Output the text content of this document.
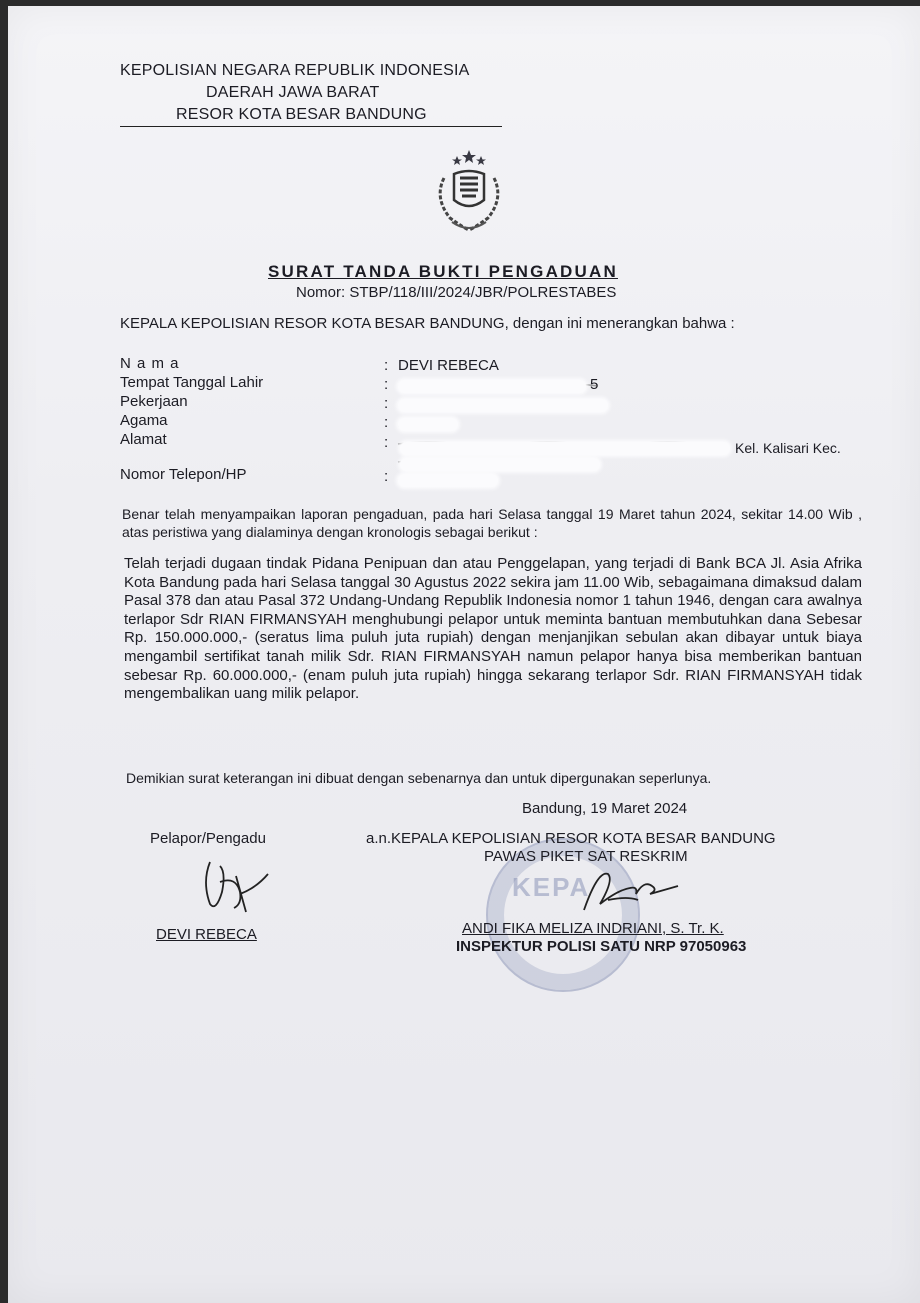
KEPOLISIAN NEGARA REPUBLIK INDONESIA
DAERAH JAWA BARAT
RESOR KOTA BESAR BANDUNG
SURAT TANDA BUKTI PENGADUAN
Nomor: STBP/118/III/2024/JBR/POLRESTABES
KEPALA KEPOLISIAN RESOR KOTA BESAR BANDUNG, dengan ini menerangkan bahwa :
N a m a
Tempat Tanggal Lahir
Pekerjaan
Agama
Alamat
Nomor Telepon/HP
:
:
:
:
:
:
DEVI REBECA
5
Kel. Kalisari Kec.
Benar telah menyampaikan laporan pengaduan, pada hari Selasa tanggal 19 Maret tahun 2024, sekitar 14.00 Wib , atas peristiwa yang dialaminya dengan kronologis sebagai berikut :
Telah terjadi dugaan tindak Pidana Penipuan dan atau Penggelapan, yang terjadi di Bank BCA Jl. Asia Afrika Kota Bandung pada hari Selasa tanggal 30 Agustus 2022 sekira jam 11.00 Wib, sebagaimana dimaksud dalam Pasal 378 dan atau Pasal 372 Undang-Undang Republik Indonesia nomor 1 tahun 1946, dengan cara awalnya terlapor Sdr RIAN FIRMANSYAH menghubungi pelapor untuk meminta bantuan membutuhkan dana Sebesar Rp. 150.000.000,- (seratus lima puluh juta rupiah) dengan menjanjikan sebulan akan dibayar untuk biaya mengambil sertifikat tanah milik Sdr. RIAN FIRMANSYAH namun pelapor hanya bisa memberikan bantuan sebesar Rp. 60.000.000,- (enam puluh juta rupiah) hingga sekarang terlapor Sdr. RIAN FIRMANSYAH tidak mengembalikan uang milik pelapor.
Demikian surat keterangan ini dibuat dengan sebenarnya dan untuk dipergunakan seperlunya.
Bandung, 19 Maret 2024
KEPA
Pelapor/Pengadu
DEVI REBECA
a.n.KEPALA KEPOLISIAN RESOR KOTA BESAR BANDUNG
PAWAS PIKET SAT RESKRIM
ANDI FIKA MELIZA INDRIANI, S. Tr. K.
INSPEKTUR POLISI SATU NRP 97050963
